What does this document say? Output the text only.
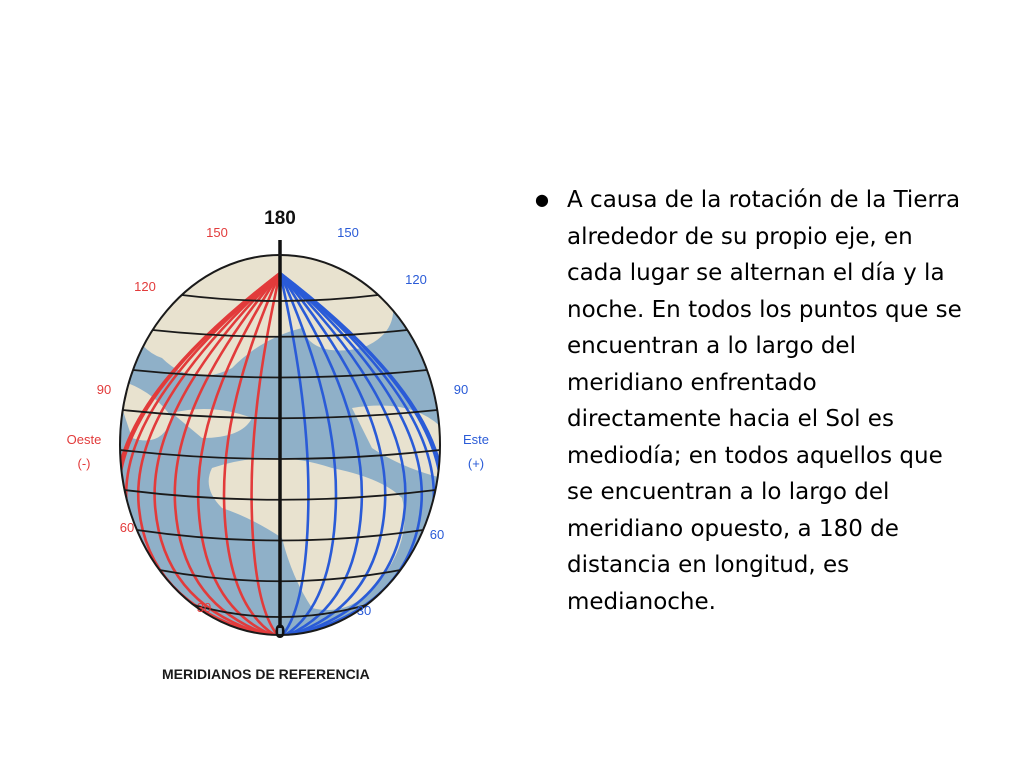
180
0
150
120
90
60
30
150
120
90
60
30
Oeste
(-)
Este
(+)
MERIDIANOS DE REFERENCIA
● A causa de la rotación de la Tierra alrededor de su propio eje, en cada lugar se alternan el día y la noche. En todos los puntos que se encuentran a lo largo del meridiano enfrentado directamente hacia el Sol es mediodía; en todos aquellos que se encuentran a lo largo del meridiano opuesto, a 180 de distancia en longitud, es medianoche.
